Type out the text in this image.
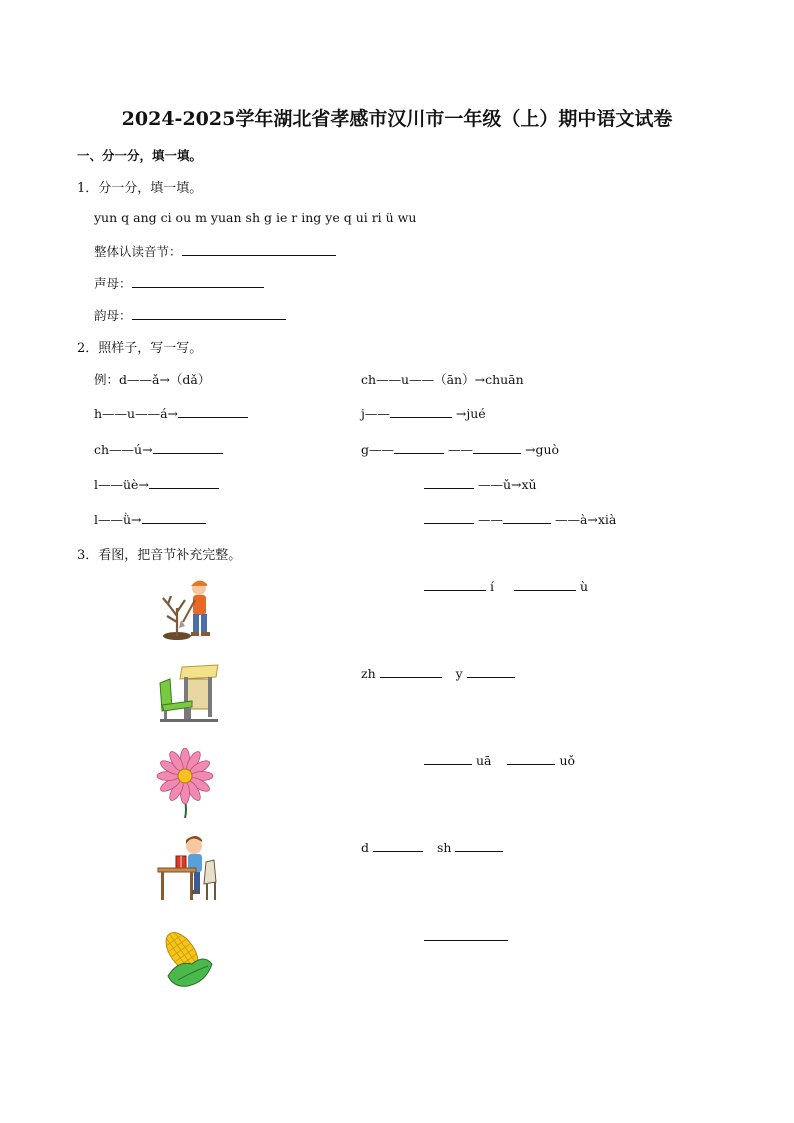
2024-2025学年湖北省孝感市汉川市一年级（上）期中语文试卷
一、分一分，填一填。
1．分一分，填一填。
yun q ang ci ou m yuan sh g ie r ing ye q ui ri ü wu
整体认读音节：
声母：
韵母：
2．照样子，写一写。
例：d——ǎ→（dǎ）
h——u——á→
ch——ú→
l——üè→
l——ǜ→
ch——u——（ān）→chuān
j——	→jué
g——	——	→guò
——ǔ→xǔ
——	——à→xià
3．看图，把音节补充完整。
í	ù
zh	y
uā	uǒ
d	sh
